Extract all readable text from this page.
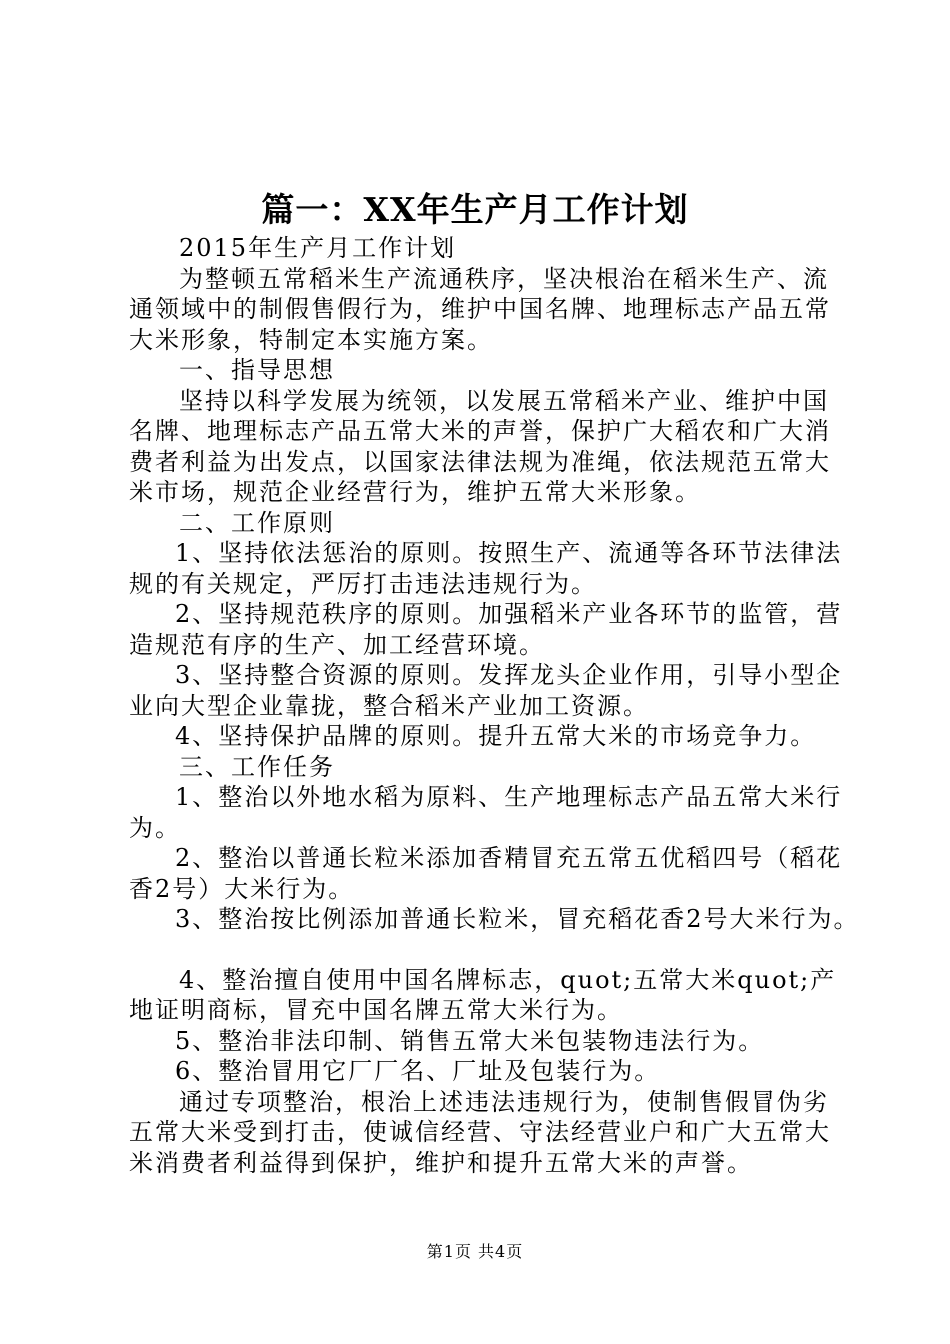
篇一：XX年生产月工作计划
2015年生产月工作计划
为整顿五常稻米生产流通秩序，坚决根治在稻米生产、流
通领域中的制假售假行为，维护中国名牌、地理标志产品五常
大米形象，特制定本实施方案。
一、指导思想
坚持以科学发展为统领，以发展五常稻米产业、维护中国
名牌、地理标志产品五常大米的声誉，保护广大稻农和广大消
费者利益为出发点，以国家法律法规为准绳，依法规范五常大
米市场，规范企业经营行为，维护五常大米形象。
二、工作原则
1、坚持依法惩治的原则。按照生产、流通等各环节法律法
规的有关规定，严厉打击违法违规行为。
2、坚持规范秩序的原则。加强稻米产业各环节的监管，营
造规范有序的生产、加工经营环境。
3、坚持整合资源的原则。发挥龙头企业作用，引导小型企
业向大型企业靠拢，整合稻米产业加工资源。
4、坚持保护品牌的原则。提升五常大米的市场竞争力。
三、工作任务
1、整治以外地水稻为原料、生产地理标志产品五常大米行
为。
2、整治以普通长粒米添加香精冒充五常五优稻四号（稻花
香2号）大米行为。
3、整治按比例添加普通长粒米，冒充稻花香2号大米行为。
4、整治擅自使用中国名牌标志，quot;五常大米quot;产
地证明商标，冒充中国名牌五常大米行为。
5、整治非法印制、销售五常大米包装物违法行为。
6、整治冒用它厂厂名、厂址及包装行为。
通过专项整治，根治上述违法违规行为，使制售假冒伪劣
五常大米受到打击，使诚信经营、守法经营业户和广大五常大
米消费者利益得到保护，维护和提升五常大米的声誉。
第1页 共4页
